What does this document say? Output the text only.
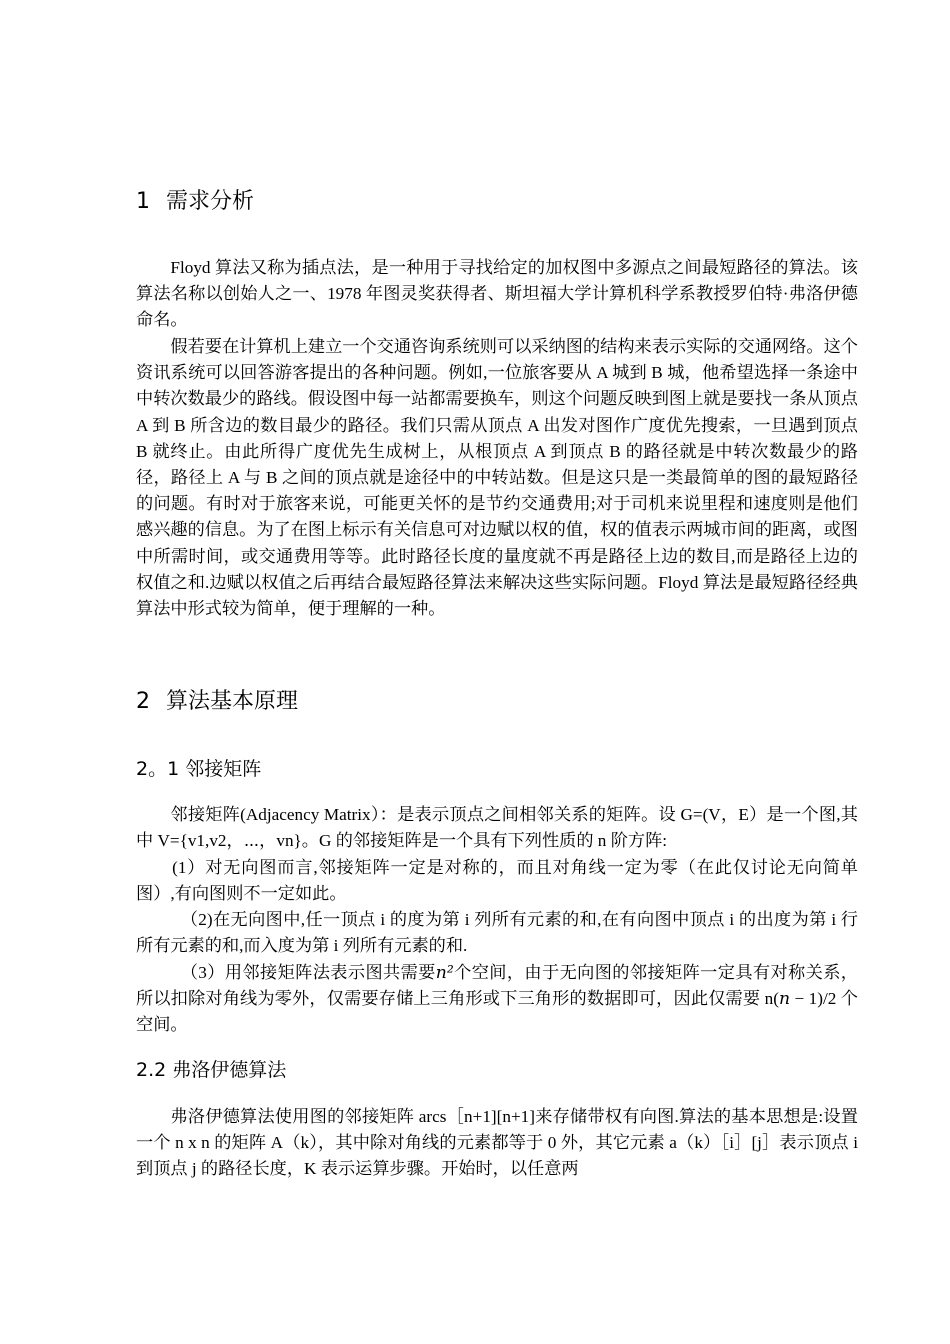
1 需求分析

Floyd 算法又称为插点法，是一种用于寻找给定的加权图中多源点之间最短路径的算法。该算法名称以创始人之一、1978 年图灵奖获得者、斯坦福大学计算机科学系教授罗伯特·弗洛伊德命名。

假若要在计算机上建立一个交通咨询系统则可以采纳图的结构来表示实际的交通网络。这个资讯系统可以回答游客提出的各种问题。例如,一位旅客要从 A 城到 B 城，他希望选择一条途中中转次数最少的路线。假设图中每一站都需要换车，则这个问题反映到图上就是要找一条从顶点 A 到 B 所含边的数目最少的路径。我们只需从顶点 A 出发对图作广度优先搜索，一旦遇到顶点 B 就终止。由此所得广度优先生成树上，从根顶点 A 到顶点 B 的路径就是中转次数最少的路径，路径上 A 与 B 之间的顶点就是途径中的中转站数。但是这只是一类最简单的图的最短路径的问题。有时对于旅客来说，可能更关怀的是节约交通费用;对于司机来说里程和速度则是他们感兴趣的信息。为了在图上标示有关信息可对边赋以权的值，权的值表示两城市间的距离，或图中所需时间，或交通费用等等。此时路径长度的量度就不再是路径上边的数目,而是路径上边的权值之和.边赋以权值之后再结合最短路径算法来解决这些实际问题。Floyd 算法是最短路径经典算法中形式较为简单，便于理解的一种。

2 算法基本原理
2。1 邻接矩阵

邻接矩阵(Adjacency Matrix）：是表示顶点之间相邻关系的矩阵。设 G=(V，E）是一个图,其中 V={v1,v2，⋯，vn}。G 的邻接矩阵是一个具有下列性质的 n 阶方阵:

(1）对无向图而言,邻接矩阵一定是对称的，而且对角线一定为零（在此仅讨论无向简单图）,有向图则不一定如此。

（2)在无向图中,任一顶点 i 的度为第 i 列所有元素的和,在有向图中顶点 i 的出度为第 i 行所有元素的和,而入度为第 i 列所有元素的和.

（3）用邻接矩阵法表示图共需要n²个空间，由于无向图的邻接矩阵一定具有对称关系，所以扣除对角线为零外，仅需要存储上三角形或下三角形的数据即可，因此仅需要 n(n − 1)/2 个空间。

2.2 弗洛伊德算法

弗洛伊德算法使用图的邻接矩阵 arcs［n+1][n+1]来存储带权有向图.算法的基本思想是:设置一个 n x n 的矩阵 A（k），其中除对角线的元素都等于 0 外，其它元素 a（k）［i］[j］表示顶点 i 到顶点 j 的路径长度，K 表示运算步骤。开始时，以任意两
